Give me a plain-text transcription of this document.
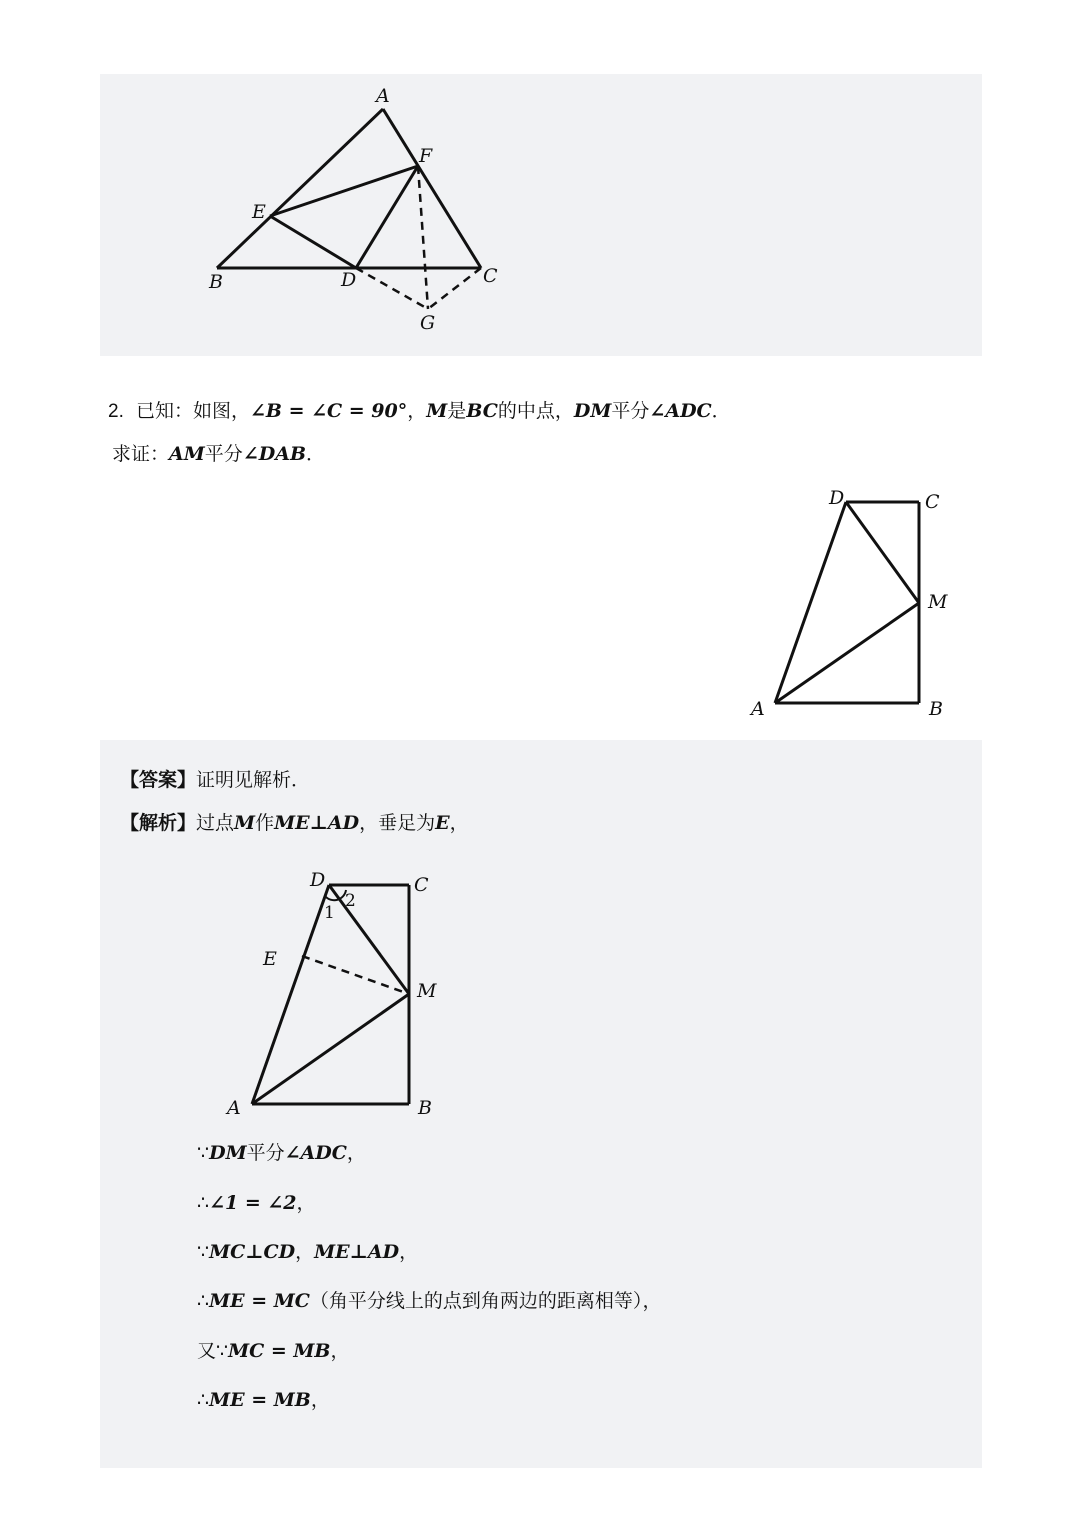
A
F
E
B	D	C
G
2. 已知：如图，∠B = ∠C = 90°，M是BC的中点，DM平分∠ADC．
求证：AM平分∠DAB．
D	C
M
A	B
【答案】证明见解析．
【解析】过点M作ME⊥AD，垂足为E，
D	C
E
M
A	B
1
2
∵DM平分∠ADC，
∴∠1 = ∠2，
∵MC⊥CD，ME⊥AD，
∴ME = MC（角平分线上的点到角两边的距离相等），
又∵MC = MB，
∴ME = MB，
